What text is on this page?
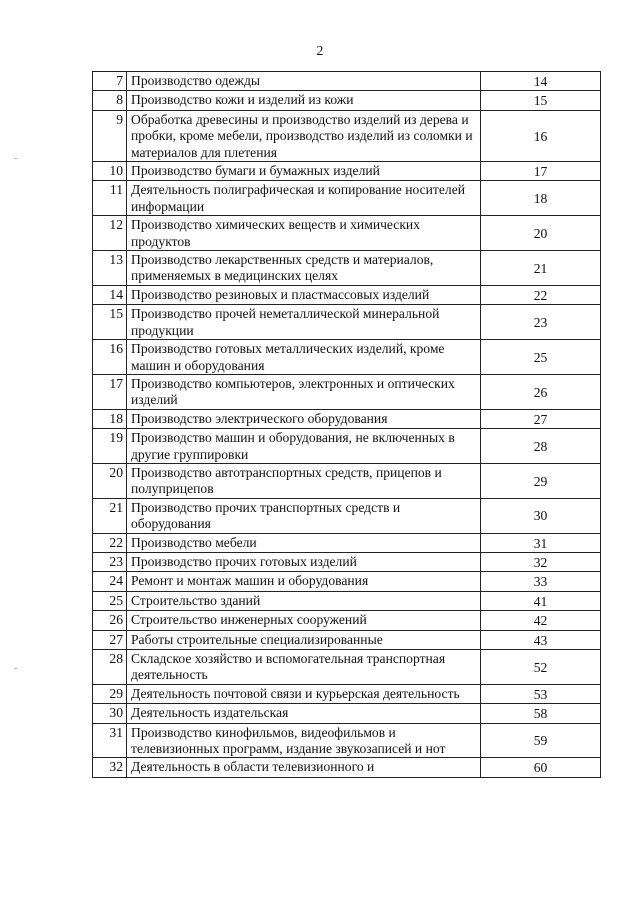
2
7	Производство одежды	14
8	Производство кожи и изделий из кожи	15
9	Обработка древесины и производство изделий из дерева и пробки, кроме мебели, производство изделий из соломки и материалов для плетения	16
10	Производство бумаги и бумажных изделий	17
11	Деятельность полиграфическая и копирование носителей информации	18
12	Производство химических веществ и химических продуктов	20
13	Производство лекарственных средств и материалов, применяемых в медицинских целях	21
14	Производство резиновых и пластмассовых изделий	22
15	Производство прочей неметаллической минеральной продукции	23
16	Производство готовых металлических изделий, кроме машин и оборудования	25
17	Производство компьютеров, электронных и оптических изделий	26
18	Производство электрического оборудования	27
19	Производство машин и оборудования, не включенных в другие группировки	28
20	Производство автотранспортных средств, прицепов и полуприцепов	29
21	Производство прочих транспортных средств и оборудования	30
22	Производство мебели	31
23	Производство прочих готовых изделий	32
24	Ремонт и монтаж машин и оборудования	33
25	Строительство зданий	41
26	Строительство инженерных сооружений	42
27	Работы строительные специализированные	43
28	Складское хозяйство и вспомогательная транспортная деятельность	52
29	Деятельность почтовой связи и курьерская деятельность	53
30	Деятельность издательская	58
31	Производство кинофильмов, видеофильмов и телевизионных программ, издание звукозаписей и нот	59
32	Деятельность в области телевизионного и	60
